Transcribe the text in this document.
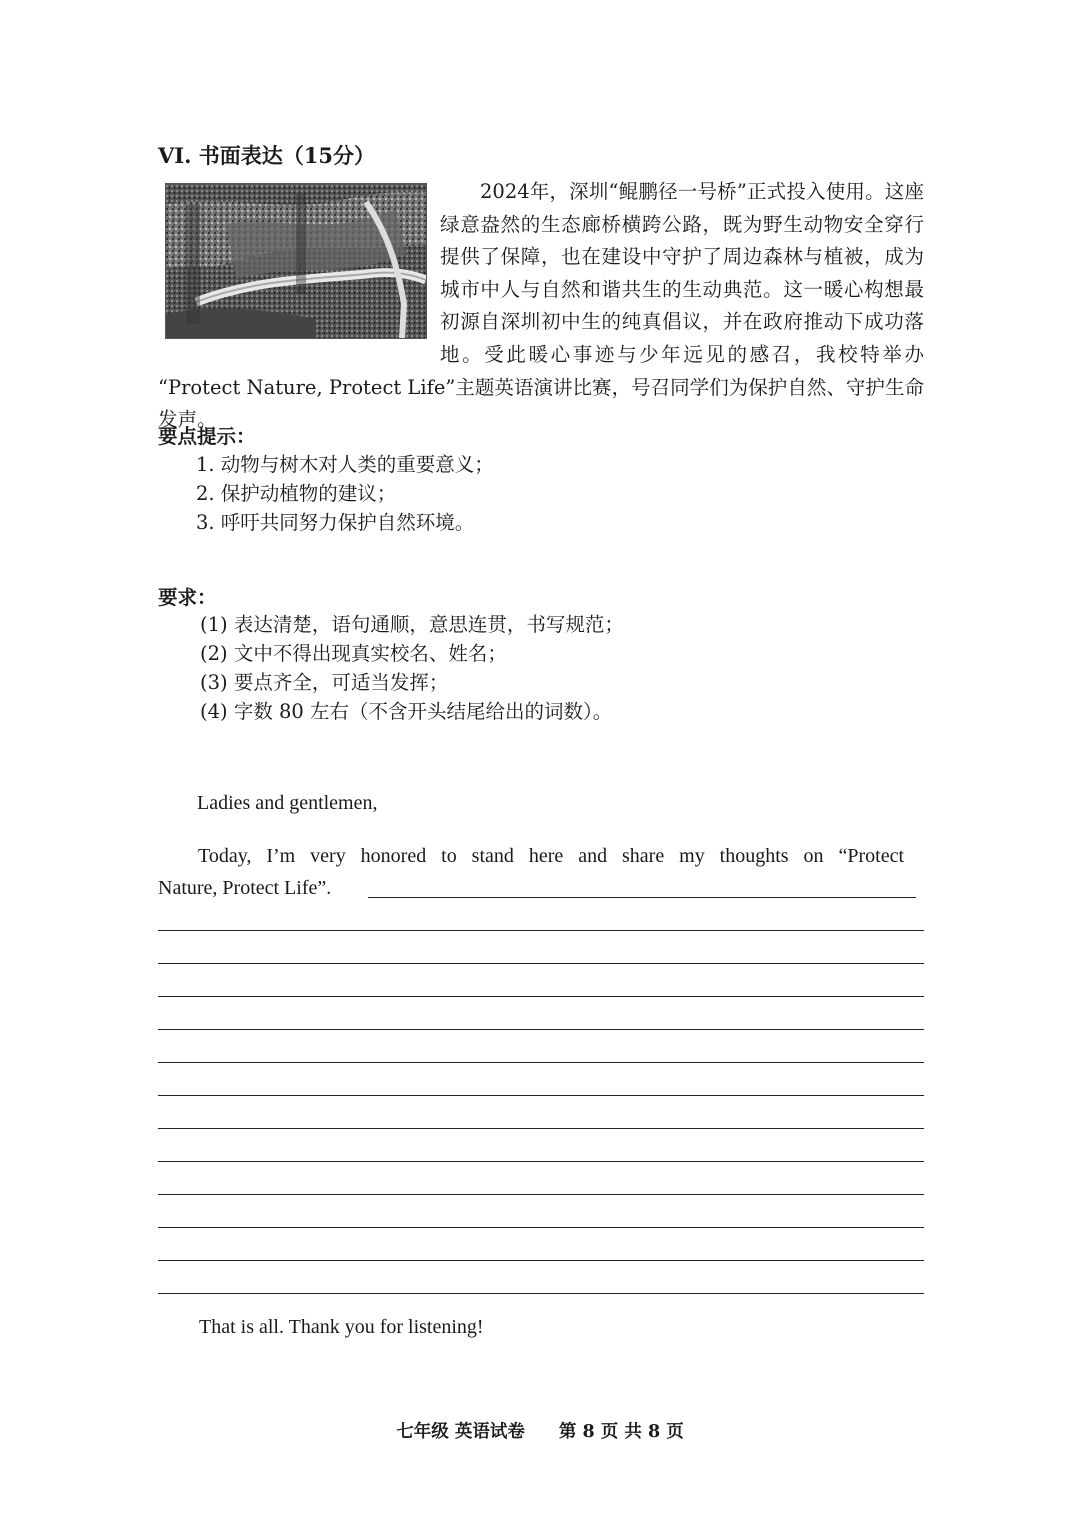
VI. 书面表达（15分）
2024年，深圳“鲲鹏径一号桥”正式投入使用。这座绿意盎然的生态廊桥横跨公路，既为野生动物安全穿行提供了保障，也在建设中守护了周边森林与植被，成为城市中人与自然和谐共生的生动典范。这一暖心构想最初源自深圳初中生的纯真倡议，并在政府推动下成功落地。受此暖心事迹与少年远见的感召，我校特举办 “Protect Nature, Protect Life”主题英语演讲比赛，号召同学们为保护自然、守护生命发声。
要点提示：
1. 动物与树木对人类的重要意义；
2. 保护动植物的建议；
3. 呼吁共同努力保护自然环境。
要求：
(1) 表达清楚，语句通顺，意思连贯，书写规范；
(2) 文中不得出现真实校名、姓名；
(3) 要点齐全，可适当发挥；
(4) 字数 80 左右（不含开头结尾给出的词数）。
Ladies and gentlemen,
Today, I’m very honored to stand here and share my thoughts on “Protect
Nature, Protect Life”.
That is all. Thank you for listening!
七年级 英语试卷 第 8 页 共 8 页
